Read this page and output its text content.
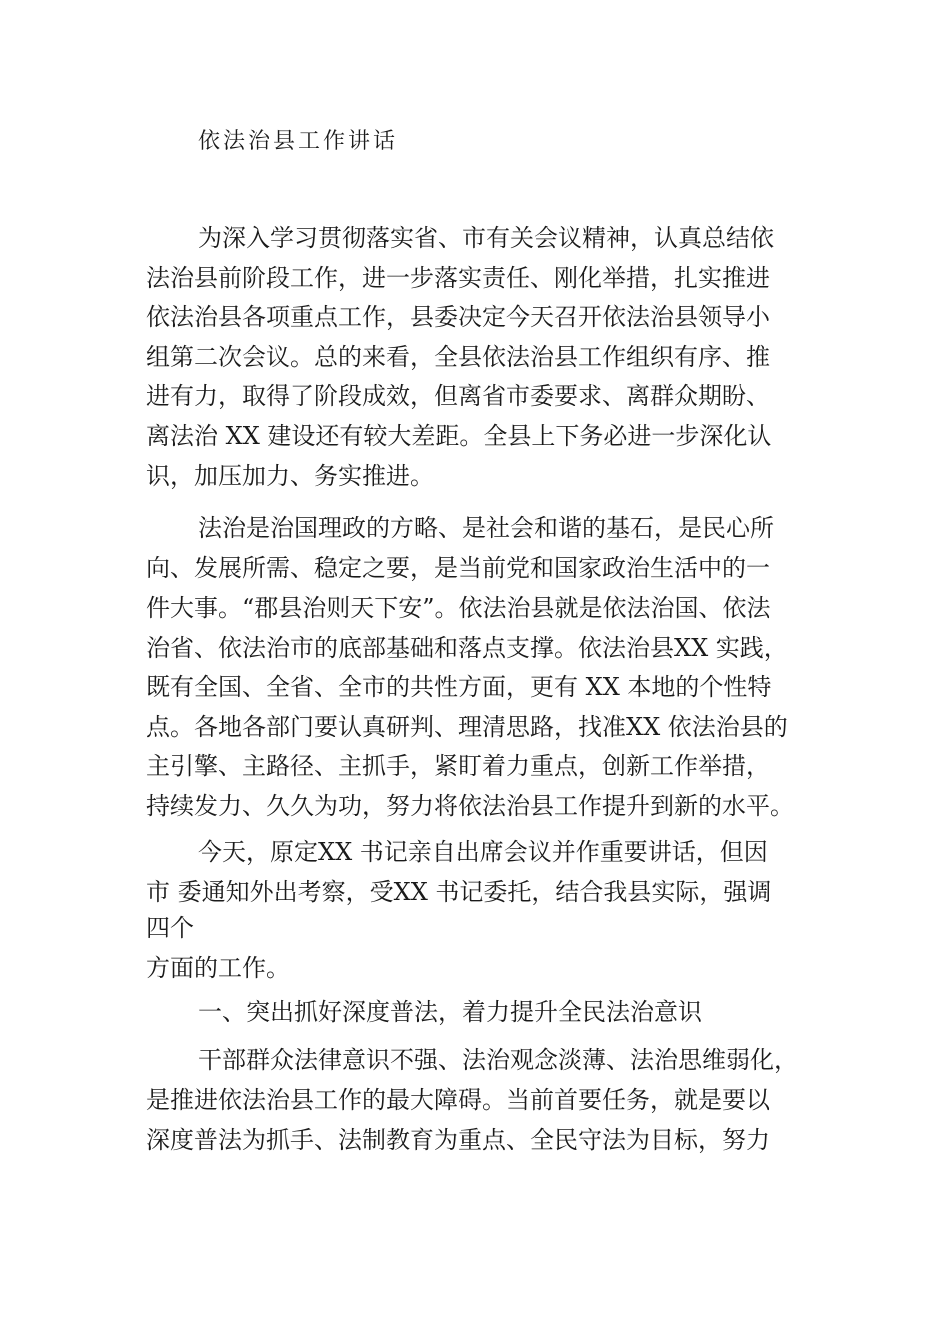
依法治县工作讲话
为深入学习贯彻落实省、市有关会议精神，认真总结依
法治县前阶段工作，进一步落实责任、刚化举措，扎实推进
依法治县各项重点工作，县委决定今天召开依法治县领导小
组第二次会议。总的来看，全县依法治县工作组织有序、推
进有力，取得了阶段成效，但离省市委要求、离群众期盼、
离法治 XX 建设还有较大差距。全县上下务必进一步深化认
识，加压加力、务实推进。
法治是治国理政的方略、是社会和谐的基石，是民心所
向、发展所需、稳定之要，是当前党和国家政治生活中的一
件大事。“郡县治则天下安”。依法治县就是依法治国、依法
治省、依法治市的底部基础和落点支撑。依法治县XX 实践，
既有全国、全省、全市的共性方面，更有 XX 本地的个性特
点。各地各部门要认真研判、理清思路，找准XX 依法治县的
主引擎、主路径、主抓手，紧盯着力重点，创新工作举措，
持续发力、久久为功，努力将依法治县工作提升到新的水平。
今天，原定XX 书记亲自出席会议并作重要讲话，但因
市 委通知外出考察，受XX 书记委托，结合我县实际，强调
四个
方面的工作。
一、突出抓好深度普法，着力提升全民法治意识
干部群众法律意识不强、法治观念淡薄、法治思维弱化，
是推进依法治县工作的最大障碍。当前首要任务，就是要以
深度普法为抓手、法制教育为重点、全民守法为目标，努力
